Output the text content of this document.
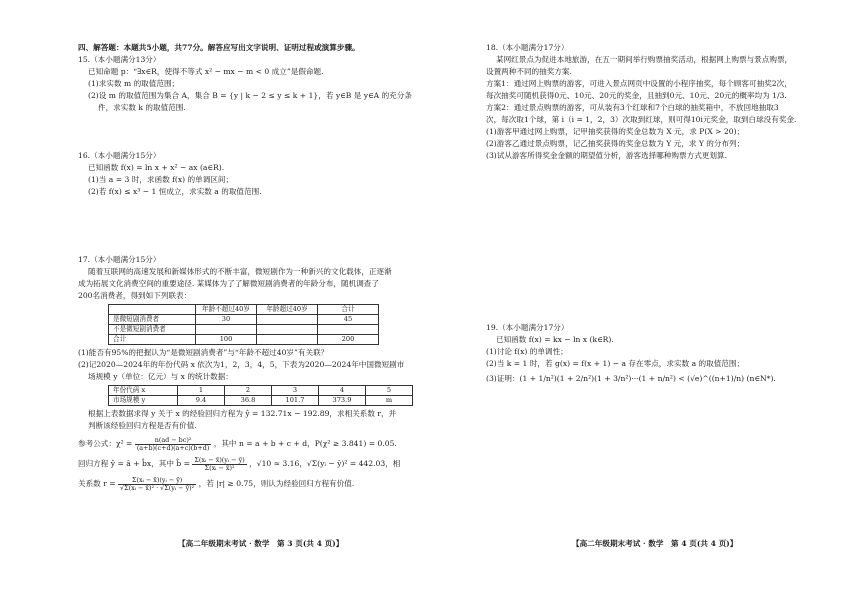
四、解答题：本题共5小题，共77分。解答应写出文字说明、证明过程或演算步骤。
15.（本小题满分13分）
已知命题 p：“∃x∈R，使得不等式 x² − mx − m < 0 成立”是假命题.
(1)求实数 m 的取值范围；
(2)设 m 的取值范围为集合 A，集合 B = {y | k − 2 ≤ y ≤ k + 1}，若 y∈B 是 y∈A 的充分条
件，求实数 k 的取值范围.
16.（本小题满分15分）
已知函数 f(x) = ln x + x² − ax (a∈R).
(1)当 a = 3 时，求函数 f(x) 的单调区间；
(2)若 f(x) ≤ x³ − 1 恒成立，求实数 a 的取值范围.
17.（本小题满分15分）
随着互联网的高速发展和新媒体形式的不断丰富，微短剧作为一种新兴的文化载体，正逐渐
成为拓展文化消费空间的重要途径. 某媒体为了了解微短剧消费者的年龄分布，随机调查了
200名消费者，得到如下列联表：
	年龄不超过40岁	年龄超过40岁	合计
是微短剧消费者	30		45
不是微短剧消费者			
合计	100		200
(1)能否有95%的把握认为“是微短剧消费者”与“年龄不超过40岁”有关联？
(2)记2020—2024年的年份代码 x 依次为1，2，3，4，5，下表为2020—2024年中国微短剧市
场规模 y（单位：亿元）与 x 的统计数据：
年份代码 x	1	2	3	4	5
市场规模 y	9.4	36.8	101.7	373.9	m
根据上表数据求得 y 关于 x 的经验回归方程为 ŷ = 132.71x − 192.89，求相关系数 r，并
判断该经验回归方程是否有价值.
参考公式：$\chi^2 = \frac{\text{n(ad − bc)²}}{(a+b)(c+d)(a+c)(b+d)}$ ，其中 n = a + b + c + d，P(χ² ≥ 3.841) = 0.05.
回归方程 ŷ = â + b̂x，其中 b̂ = $\frac{\text{Σ(xᵢ − x̄)(yᵢ − ȳ)}}{\text{Σ(xᵢ − x̄)²}}$ ，√10 ≈ 3.16，√Σ(yᵢ − ȳ)² = 442.03，相
关系数 $r = \frac{\text{Σ(xᵢ − x̄)(yᵢ − ȳ)}}{\text{√Σ(xᵢ − x̄)² · √Σ(yᵢ − ȳ)²}}$ ，若 |r| ≥ 0.75，则认为经验回归方程有价值.
【高二年级期末考试 · 数学　第 3 页(共 4 页)】
18.（本小题满分17分）
某网红景点为促进本地旅游，在五一期间举行购票抽奖活动，根据网上购票与景点购票，
设置两种不同的抽奖方案.
方案1：通过网上购票的游客，可进入景点网页中设置的小程序抽奖，每个顾客可抽奖2次，
每次抽奖可随机获得0元、10元、20元的奖金，且抽到0元、10元、20元的概率均为 1/3.
方案2：通过景点购票的游客，可从装有3个红球和7个白球的抽奖箱中，不放回地抽取3
次，每次取1个球，第 i（i = 1，2，3）次取到红球，则可得10i元奖金，取到白球没有奖金.
(1)游客甲通过网上购票，记甲抽奖获得的奖金总数为 X 元，求 P(X > 20)；
(2)游客乙通过景点购票，记乙抽奖获得的奖金总数为 Y 元，求 Y 的分布列；
(3)试从游客所得奖金金额的期望值分析，游客选择哪种购票方式更划算.
19.（本小题满分17分）
已知函数 f(x) = kx − ln x (k∈R).
(1)讨论 f(x) 的单调性；
(2)当 k = 1 时，若 g(x) = f(x + 1) − a 存在零点，求实数 a 的取值范围；
(3)证明：(1 + 1/n²)(1 + 2/n²)(1 + 3/n²)···(1 + n/n²) < (√e)^((n+1)/n) (n∈N*).
【高二年级期末考试 · 数学　第 4 页(共 4 页)】
